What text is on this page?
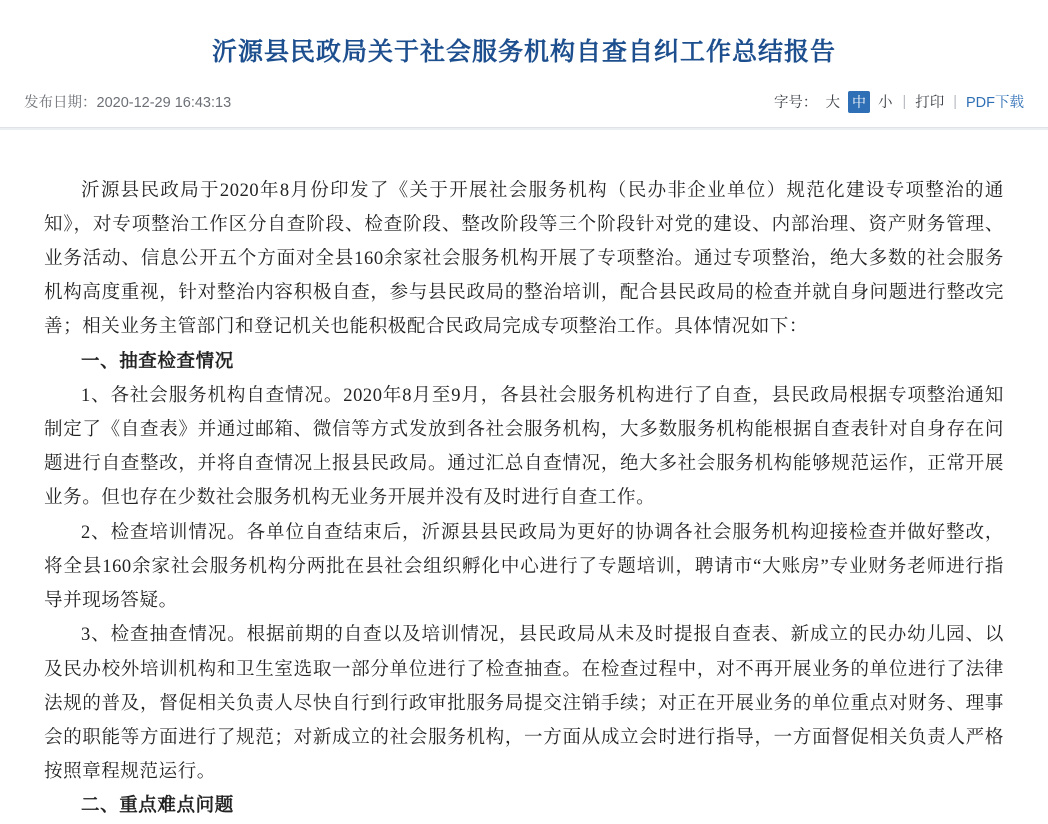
沂源县民政局关于社会服务机构自查自纠工作总结报告
发布日期：2020-12-29 16:43:13	字号： 大 中 小 | 打印 | PDF下载

沂源县民政局于2020年8月份印发了《关于开展社会服务机构（民办非企业单位）规范化建设专项整治的通知》，对专项整治工作区分自查阶段、检查阶段、整改阶段等三个阶段针对党的建设、内部治理、资产财务管理、业务活动、信息公开五个方面对全县160余家社会服务机构开展了专项整治。通过专项整治，绝大多数的社会服务机构高度重视，针对整治内容积极自查，参与县民政局的整治培训，配合县民政局的检查并就自身问题进行整改完善；相关业务主管部门和登记机关也能积极配合民政局完成专项整治工作。具体情况如下：

一、抽查检查情况

1、各社会服务机构自查情况。2020年8月至9月，各县社会服务机构进行了自查，县民政局根据专项整治通知制定了《自查表》并通过邮箱、微信等方式发放到各社会服务机构，大多数服务机构能根据自查表针对自身存在问题进行自查整改，并将自查情况上报县民政局。通过汇总自查情况，绝大多社会服务机构能够规范运作，正常开展业务。但也存在少数社会服务机构无业务开展并没有及时进行自查工作。

2、检查培训情况。各单位自查结束后，沂源县县民政局为更好的协调各社会服务机构迎接检查并做好整改，将全县160余家社会服务机构分两批在县社会组织孵化中心进行了专题培训，聘请市“大账房”专业财务老师进行指导并现场答疑。

3、检查抽查情况。根据前期的自查以及培训情况，县民政局从未及时提报自查表、新成立的民办幼儿园、以及民办校外培训机构和卫生室选取一部分单位进行了检查抽查。在检查过程中，对不再开展业务的单位进行了法律法规的普及，督促相关负责人尽快自行到行政审批服务局提交注销手续；对正在开展业务的单位重点对财务、理事会的职能等方面进行了规范；对新成立的社会服务机构，一方面从成立会时进行指导，一方面督促相关负责人严格按照章程规范运行。

二、重点难点问题
